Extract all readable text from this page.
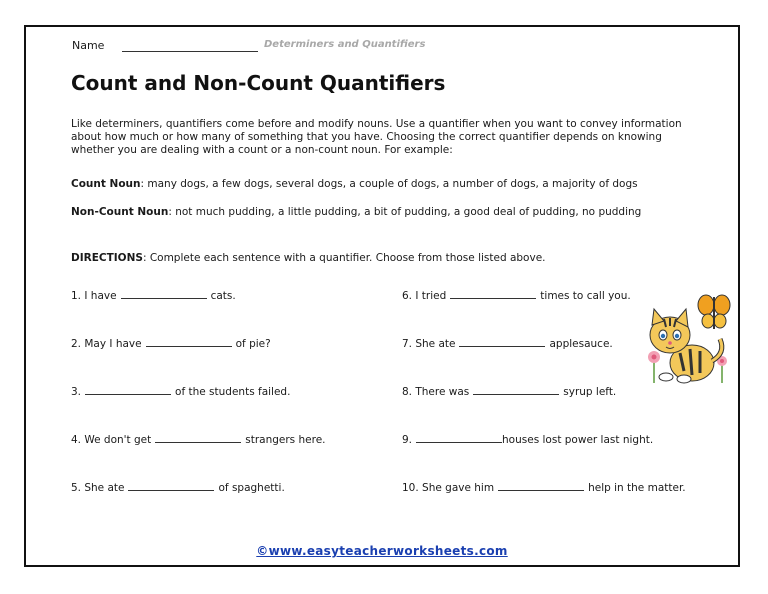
Name	Determiners and Quantifiers
Count and Non-Count Quantifiers
Like determiners, quantifiers come before and modify nouns. Use a quantifier when you want to convey information about how much or how many of something that you have. Choosing the correct quantifier depends on knowing whether you are dealing with a count or a non-count noun. For example:
Count Noun: many dogs, a few dogs, several dogs, a couple of dogs, a number of dogs, a majority of dogs
Non-Count Noun: not much pudding, a little pudding, a bit of pudding, a good deal of pudding, no pudding
DIRECTIONS: Complete each sentence with a quantifier. Choose from those listed above.
1. I have	cats.
2. May I have	of pie?
3.	of the students failed.
4. We don't get	strangers here.
5. She ate	of spaghetti.
6. I tried	times to call you.
7. She ate	applesauce.
8. There was	syrup left.
9.	houses lost power last night.
10. She gave him	help in the matter.
©www.easyteacherworksheets.com
